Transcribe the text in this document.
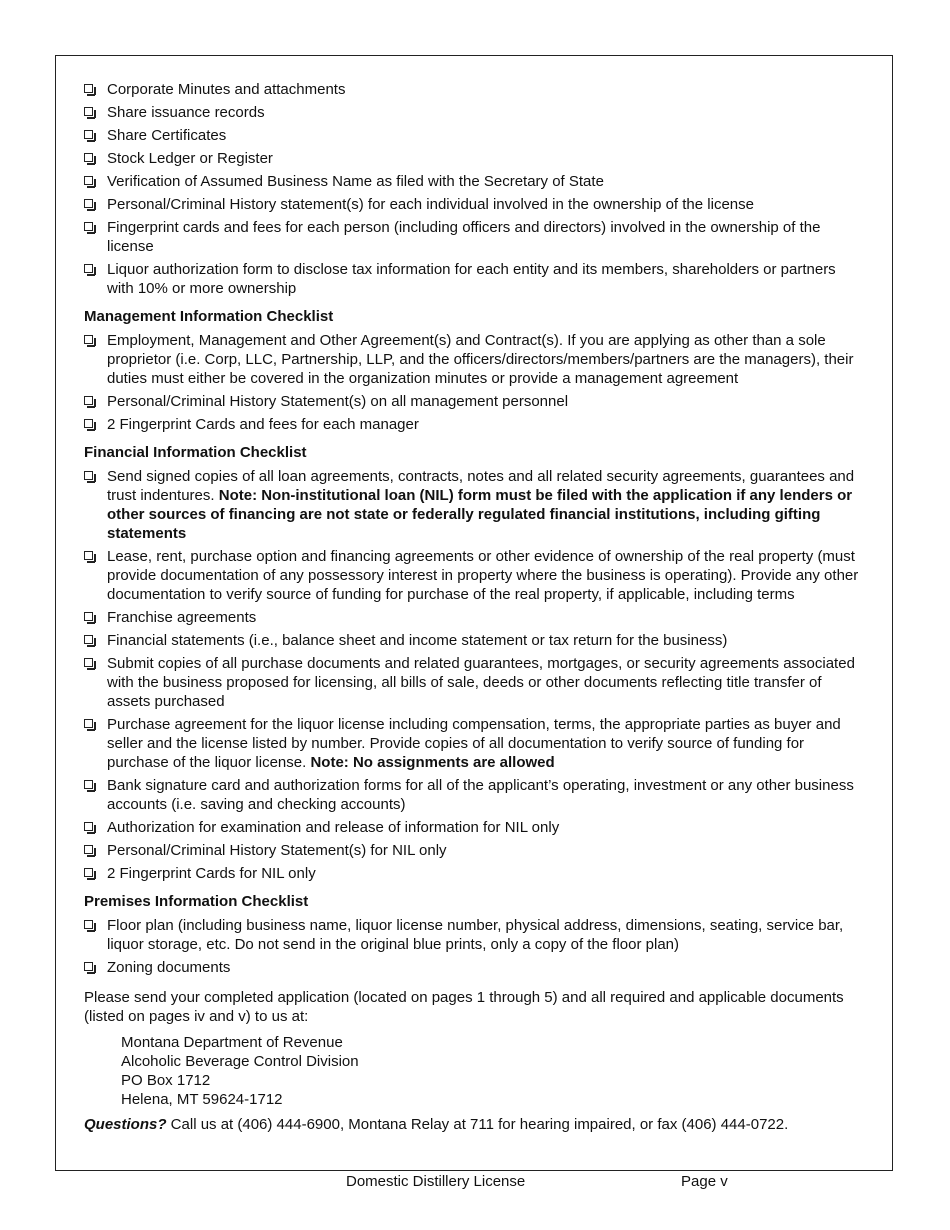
Corporate Minutes and attachments
Share issuance records
Share Certificates
Stock Ledger or Register
Verification of Assumed Business Name as filed with the Secretary of State
Personal/Criminal History statement(s) for each individual involved in the ownership of the license
Fingerprint cards and fees for each person (including officers and directors) involved in the ownership of the license
Liquor authorization form to disclose tax information for each entity and its members, shareholders or partners with 10% or more ownership
Management Information Checklist
Employment, Management and Other Agreement(s) and Contract(s). If you are applying as other than a sole proprietor (i.e. Corp, LLC, Partnership, LLP, and the officers/directors/members/partners are the managers), their duties must either be covered in the organization minutes or provide a management agreement
Personal/Criminal History Statement(s) on all management personnel
2 Fingerprint Cards and fees for each manager
Financial Information Checklist
Send signed copies of all loan agreements, contracts, notes and all related security agreements, guarantees and trust indentures. Note: Non-institutional loan (NIL) form must be filed with the application if any lenders or other sources of financing are not state or federally regulated financial institutions, including gifting statements
Lease, rent, purchase option and financing agreements or other evidence of ownership of the real property (must provide documentation of any possessory interest in property where the business is operating). Provide any other documentation to verify source of funding for purchase of the real property, if applicable, including terms
Franchise agreements
Financial statements (i.e., balance sheet and income statement or tax return for the business)
Submit copies of all purchase documents and related guarantees, mortgages, or security agreements associated with the business proposed for licensing, all bills of sale, deeds or other documents reflecting title transfer of assets purchased
Purchase agreement for the liquor license including compensation, terms, the appropriate parties as buyer and seller and the license listed by number. Provide copies of all documentation to verify source of funding for purchase of the liquor license. Note: No assignments are allowed
Bank signature card and authorization forms for all of the applicant’s operating, investment or any other business accounts (i.e. saving and checking accounts)
Authorization for examination and release of information for NIL only
Personal/Criminal History Statement(s) for NIL only
2 Fingerprint Cards for NIL only
Premises Information Checklist
Floor plan (including business name, liquor license number, physical address, dimensions, seating, service bar, liquor storage, etc. Do not send in the original blue prints, only a copy of the floor plan)
Zoning documents
Please send your completed application (located on pages 1 through 5) and all required and applicable documents (listed on pages iv and v) to us at:
Montana Department of Revenue
Alcoholic Beverage Control Division
PO Box 1712
Helena, MT 59624-1712
Questions? Call us at (406) 444-6900, Montana Relay at 711 for hearing impaired, or fax (406) 444-0722.
Domestic Distillery License	Page v
